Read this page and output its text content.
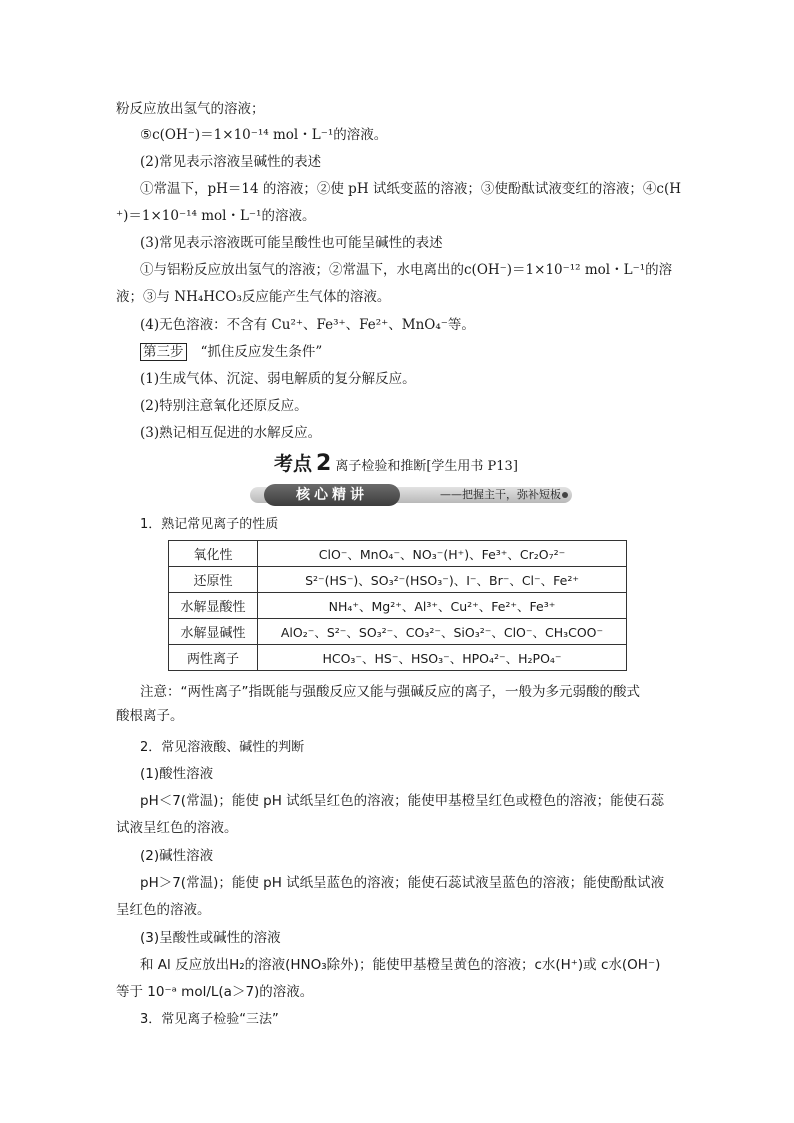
粉反应放出氢气的溶液；
⑤c(OH⁻)＝1×10⁻¹⁴ mol・L⁻¹的溶液。
(2)常见表示溶液呈碱性的表述
①常温下，pH＝14 的溶液；②使 pH 试纸变蓝的溶液；③使酚酞试液变红的溶液；④c(H
⁺)＝1×10⁻¹⁴ mol・L⁻¹的溶液。
(3)常见表示溶液既可能呈酸性也可能呈碱性的表述
①与铝粉反应放出氢气的溶液；②常温下，水电离出的c(OH⁻)＝1×10⁻¹² mol・L⁻¹的溶
液；③与 NH₄HCO₃反应能产生气体的溶液。
(4)无色溶液：不含有 Cu²⁺、Fe³⁺、Fe²⁺、MnO₄⁻等。
第三步 “抓住反应发生条件”
(1)生成气体、沉淀、弱电解质的复分解反应。
(2)特别注意氧化还原反应。
(3)熟记相互促进的水解反应。
考点 2 离子检验和推断[学生用书 P13]
核心精讲	——把握主干，弥补短板
1．熟记常见离子的性质
氧化性	ClO⁻、MnO₄⁻、NO₃⁻(H⁺)、Fe³⁺、Cr₂O₇²⁻
还原性	S²⁻(HS⁻)、SO₃²⁻(HSO₃⁻)、I⁻、Br⁻、Cl⁻、Fe²⁺
水解显酸性	NH₄⁺、Mg²⁺、Al³⁺、Cu²⁺、Fe²⁺、Fe³⁺
水解显碱性	AlO₂⁻、S²⁻、SO₃²⁻、CO₃²⁻、SiO₃²⁻、ClO⁻、CH₃COO⁻
两性离子	HCO₃⁻、HS⁻、HSO₃⁻、HPO₄²⁻、H₂PO₄⁻
注意：“两性离子”指既能与强酸反应又能与强碱反应的离子，一般为多元弱酸的酸式
酸根离子。
2．常见溶液酸、碱性的判断
(1)酸性溶液
pH＜7(常温)；能使 pH 试纸呈红色的溶液；能使甲基橙呈红色或橙色的溶液；能使石蕊
试液呈红色的溶液。
(2)碱性溶液
pH＞7(常温)；能使 pH 试纸呈蓝色的溶液；能使石蕊试液呈蓝色的溶液；能使酚酞试液
呈红色的溶液。
(3)呈酸性或碱性的溶液
和 Al 反应放出H₂的溶液(HNO₃除外)；能使甲基橙呈黄色的溶液；c水(H⁺)或 c水(OH⁻)
等于 10⁻ᵃ mol/L(a＞7)的溶液。
3．常见离子检验“三法”
